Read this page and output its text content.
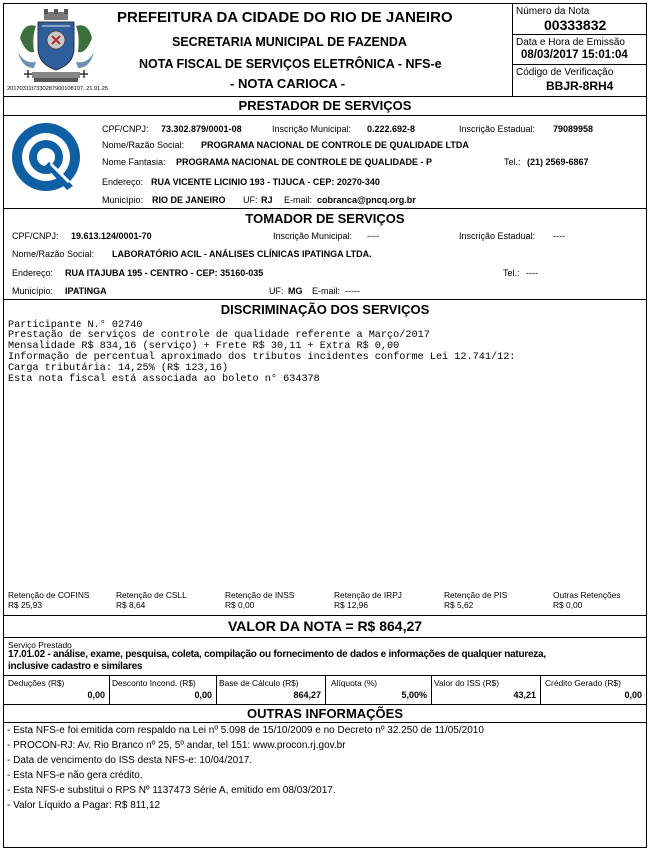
20170311t7330287900108107..21.91.25
PREFEITURA DA CIDADE DO RIO DE JANEIRO
SECRETARIA MUNICIPAL DE FAZENDA
NOTA FISCAL DE SERVIÇOS ELETRÔNICA - NFS-e
- NOTA CARIOCA -
Número da Nota
00333832
Data e Hora de Emissão
08/03/2017 15:01:04
Código de Verificação
BBJR-8RH4
PRESTADOR DE SERVIÇOS
CPF/CNPJ: 73.302.879/0001-08	Inscrição Municipal: 0.222.692-8	Inscrição Estadual: 79089958
Nome/Razão Social: PROGRAMA NACIONAL DE CONTROLE DE QUALIDADE LTDA
Nome Fantasia: PROGRAMA NACIONAL DE CONTROLE DE QUALIDADE - P	Tel.: (21) 2569-6867
Endereço: RUA VICENTE LICINIO 193 - TIJUCA - CEP: 20270-340
Município: RIO DE JANEIRO UF: RJ E-mail: cobranca@pncq.org.br
TOMADOR DE SERVIÇOS
CPF/CNPJ: 19.613.124/0001-70	Inscrição Municipal: ----	Inscrição Estadual: ----
Nome/Razão Social: LABORATÓRIO ACIL - ANÁLISES CLÍNICAS IPATINGA LTDA.
Endereço: RUA ITAJUBA 195 - CENTRO - CEP: 35160-035	Tel.: ----
Município: IPATINGA	UF: MG E-mail: -----
DISCRIMINAÇÃO DOS SERVIÇOS
Participante N.° 02740
Prestação de serviços de controle de qualidade referente a Março/2017
Mensalidade R$ 834,16 (serviço) + Frete R$ 30,11 + Extra R$ 0,00
Informação de percentual aproximado dos tributos incidentes conforme Lei 12.741/12:
Carga tributária: 14,25% (R$ 123,16)
Esta nota fiscal está associada ao boleto n° 634378
Retenção de COFINS
R$ 25,93
Retenção de CSLL
R$ 8,64
Retenção de INSS
R$ 0,00
Retenção de IRPJ
R$ 12,96
Retenção de PIS
R$ 5,62
Outras Retenções
R$ 0,00
VALOR DA NOTA = R$ 864,27
Serviço Prestado
17.01.02 - análise, exame, pesquisa, coleta, compilação ou fornecimento de dados e informações de qualquer natureza,
inclusive cadastro e similares
Deduções (R$)
0,00
Desconto Incond. (R$)
0,00
Base de Cálculo (R$)
864,27
Alíquota (%)
5,00%
Valor do ISS (R$)
43,21
Crédito Gerado (R$)
0,00
OUTRAS INFORMAÇÕES
- Esta NFS-e foi emitida com respaldo na Lei nº 5.098 de 15/10/2009 e no Decreto nº 32.250 de 11/05/2010
- PROCON-RJ: Av. Rio Branco nº 25, 5º andar, tel 151: www.procon.rj.gov.br
- Data de vencimento do ISS desta NFS-e: 10/04/2017.
- Esta NFS-e não gera crédito.
- Esta NFS-e substitui o RPS Nº 1137473 Série A, emitido em 08/03/2017.
- Valor Líquido a Pagar: R$ 811,12
